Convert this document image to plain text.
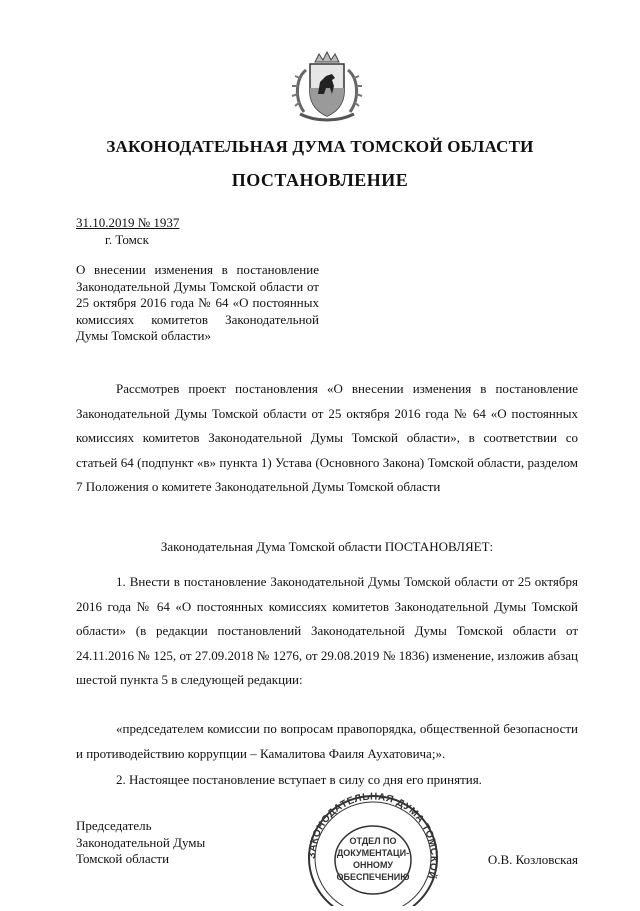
ЗАКОНОДАТЕЛЬНАЯ ДУМА ТОМСКОЙ ОБЛАСТИ
ПОСТАНОВЛЕНИЕ
31.10.2019 № 1937
г. Томск
О внесении изменения в постановление Законодательной Думы Томской области от 25 октября 2016 года № 64 «О постоянных комиссиях комитетов Законодательной Думы Томской области»
Рассмотрев проект постановления «О внесении изменения в постановление Законодательной Думы Томской области от 25 октября 2016 года № 64 «О постоянных комиссиях комитетов Законодательной Думы Томской области», в соответствии со статьей 64 (подпункт «в» пункта 1) Устава (Основного Закона) Томской области, разделом 7 Положения о комитете Законодательной Думы Томской области
Законодательная Дума Томской области ПОСТАНОВЛЯЕТ:
1. Внести в постановление Законодательной Думы Томской области от 25 октября 2016 года № 64 «О постоянных комиссиях комитетов Законодательной Думы Томской области» (в редакции постановлений Законодательной Думы Томской области от 24.11.2016 № 125, от 27.09.2018 № 1276, от 29.08.2019 № 1836) изменение, изложив абзац шестой пункта 5 в следующей редакции:
«председателем комиссии по вопросам правопорядка, общественной безопасности и противодействию коррупции – Камалитова Фаиля Аухатовича;».
2. Настоящее постановление вступает в силу со дня его принятия.
Председатель
Законодательной Думы
Томской области	О.В. Козловская
ЗАКОНОДАТЕЛЬНАЯ ДУМА ТОМСКОЙ
ОТДЕЛ ПО
ДОКУМЕНТАЦИ-
ОННОМУ
ОБЕСПЕЧЕНИЮ
